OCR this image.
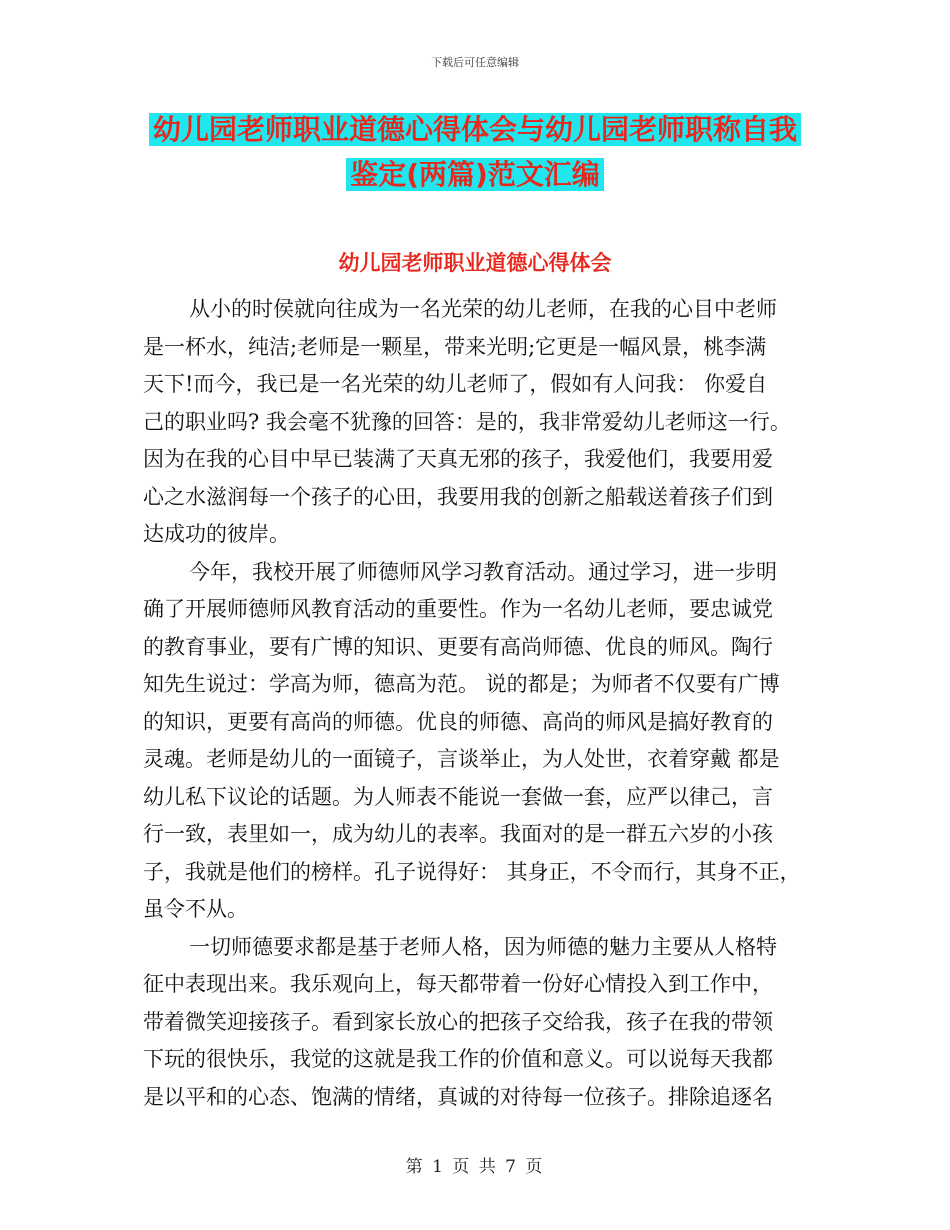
下载后可任意编辑
幼儿园老师职业道德心得体会与幼儿园老师职称自我
鉴定(两篇)范文汇编
幼儿园老师职业道德心得体会
从小的时侯就向往成为一名光荣的幼儿老师，在我的心目中老师
是一杯水，纯洁;老师是一颗星，带来光明;它更是一幅风景，桃李满
天下!而今，我已是一名光荣的幼儿老师了，假如有人问我： 你爱自
己的职业吗? 我会毫不犹豫的回答：是的，我非常爱幼儿老师这一行。
因为在我的心目中早已装满了天真无邪的孩子，我爱他们，我要用爱
心之水滋润每一个孩子的心田，我要用我的创新之船载送着孩子们到
达成功的彼岸。
今年，我校开展了师德师风学习教育活动。通过学习，进一步明
确了开展师德师风教育活动的重要性。作为一名幼儿老师，要忠诚党
的教育事业，要有广博的知识、更要有高尚师德、优良的师风。陶行
知先生说过：学高为师，德高为范。 说的都是；为师者不仅要有广博
的知识，更要有高尚的师德。优良的师德、高尚的师风是搞好教育的
灵魂。老师是幼儿的一面镜子，言谈举止，为人处世，衣着穿戴 都是
幼儿私下议论的话题。为人师表不能说一套做一套，应严以律己，言
行一致，表里如一，成为幼儿的表率。我面对的是一群五六岁的小孩
子，我就是他们的榜样。孔子说得好： 其身正，不令而行，其身不正，
虽令不从。
一切师德要求都是基于老师人格，因为师德的魅力主要从人格特
征中表现出来。我乐观向上，每天都带着一份好心情投入到工作中，
带着微笑迎接孩子。看到家长放心的把孩子交给我，孩子在我的带领
下玩的很快乐，我觉的这就是我工作的价值和意义。可以说每天我都
是以平和的心态、饱满的情绪，真诚的对待每一位孩子。排除追逐名
第 1 页 共 7 页
